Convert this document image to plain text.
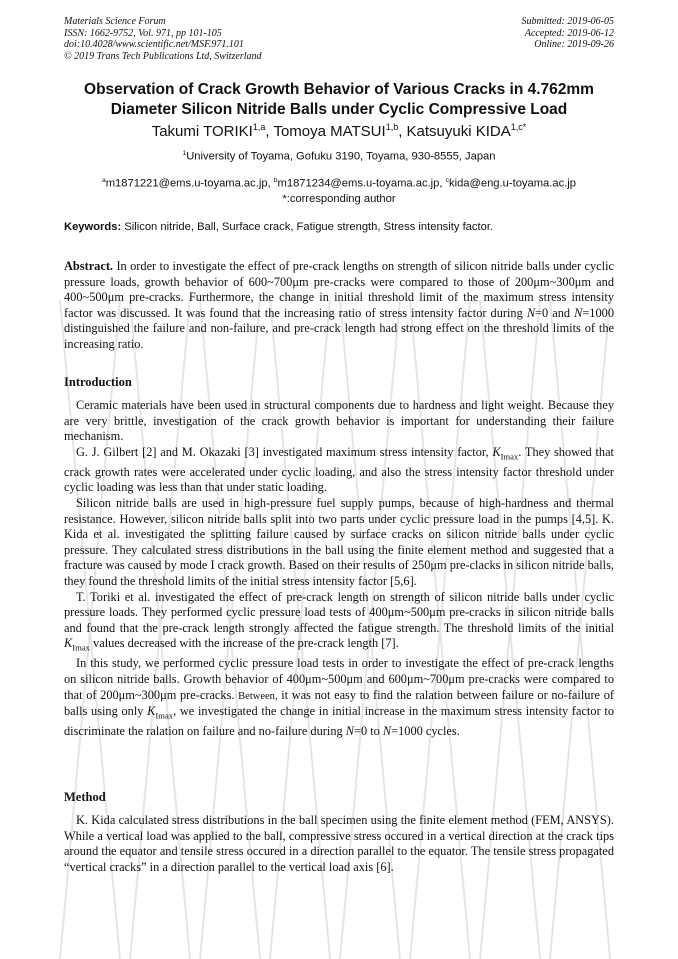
Materials Science Forum
ISSN: 1662-9752, Vol. 971, pp 101-105
doi:10.4028/www.scientific.net/MSF.971.101
© 2019 Trans Tech Publications Ltd, Switzerland
Submitted: 2019-06-05
Accepted: 2019-06-12
Online: 2019-09-26
Observation of Crack Growth Behavior of Various Cracks in 4.762mm
Diameter Silicon Nitride Balls under Cyclic Compressive Load
Takumi TORIKI$^{1,a}$, Tomoya MATSUI$^{1,b}$, Katsuyuki $KIDA^{1,c*}$
$^1$University of Toyama, Gofuku 3190, Toyama, 930-8555, Japan
$^a$m1871221@ems.u-toyama.ac.jp, $^b$m1871234@ems.u-toyama.ac.jp, $^c$kida@eng.u-toyama.ac.jp
*:corresponding author
Keywords: Silicon nitride, Ball, Surface crack, Fatigue strength, Stress intensity factor.

Abstract. In order to investigate the effect of pre-crack lengths on strength of silicon nitride balls under cyclic pressure loads, growth behavior of 600~700μm pre-cracks were compared to those of 200μm~300μm and 400~500μm pre-cracks. Furthermore, the change in initial threshold limit of the maximum stress intensity factor was discussed. It was found that the increasing ratio of stress intensity factor during N=0 and N=1000 distinguished the failure and non-failure, and pre-crack length had strong effect on the threshold limits of the increasing ratio.

Introduction

Ceramic materials have been used in structural components due to hardness and light weight. Because they are very brittle, investigation of the crack growth behavior is important for understanding their failure mechanism.

G. J. Gilbert [2] and M. Okazaki [3] investigated maximum stress intensity factor, $K_{Imax}$. They showed that crack growth rates were accelerated under cyclic loading, and also the stress intensity factor threshold under cyclic loading was less than that under static loading.

Silicon nitride balls are used in high-pressure fuel supply pumps, because of high-hardness and thermal resistance. However, silicon nitride balls split into two parts under cyclic pressure load in the pumps [4,5]. K. Kida et al. investigated the splitting failure caused by surface cracks on silicon nitride balls under cyclic pressure. They calculated stress distributions in the ball using the finite element method and suggested that a fracture was caused by mode I crack growth. Based on their results of 250μm pre-clacks in silicon nitride balls, they found the threshold limits of the initial stress intensity factor [5,6].

T. Toriki et al. investigated the effect of pre-crack length on strength of silicon nitride balls under cyclic pressure loads. They performed cyclic pressure load tests of 400μm~500μm pre-cracks in silicon nitride balls and found that the pre-crack length strongly affected the fatigue strength. The threshold limits of the initial $K_{Imax}$ values decreased with the increase of the pre-crack length [7].

In this study, we performed cyclic pressure load tests in order to investigate the effect of pre-crack lengths on silicon nitride balls. Growth behavior of 400μm~500μm and 600μm~700μm pre-cracks were compared to that of 200μm~300μm pre-cracks. Between, it was not easy to find the ralation between failure or no-failure of balls using only $K_{Imax}$, we investigated the change in initial increase in the maximum stress intensity factor to discriminate the ralation on failure and no-failure during N=0 to N=1000 cycles.

Method

K. Kida calculated stress distributions in the ball specimen using the finite element method (FEM, ANSYS). While a vertical load was applied to the ball, compressive stress occured in a vertical direction at the crack tips around the equator and tensile stress occured in a direction parallel to the equator. The tensile stress propagated “vertical cracks” in a direction parallel to the vertical load axis [6].
